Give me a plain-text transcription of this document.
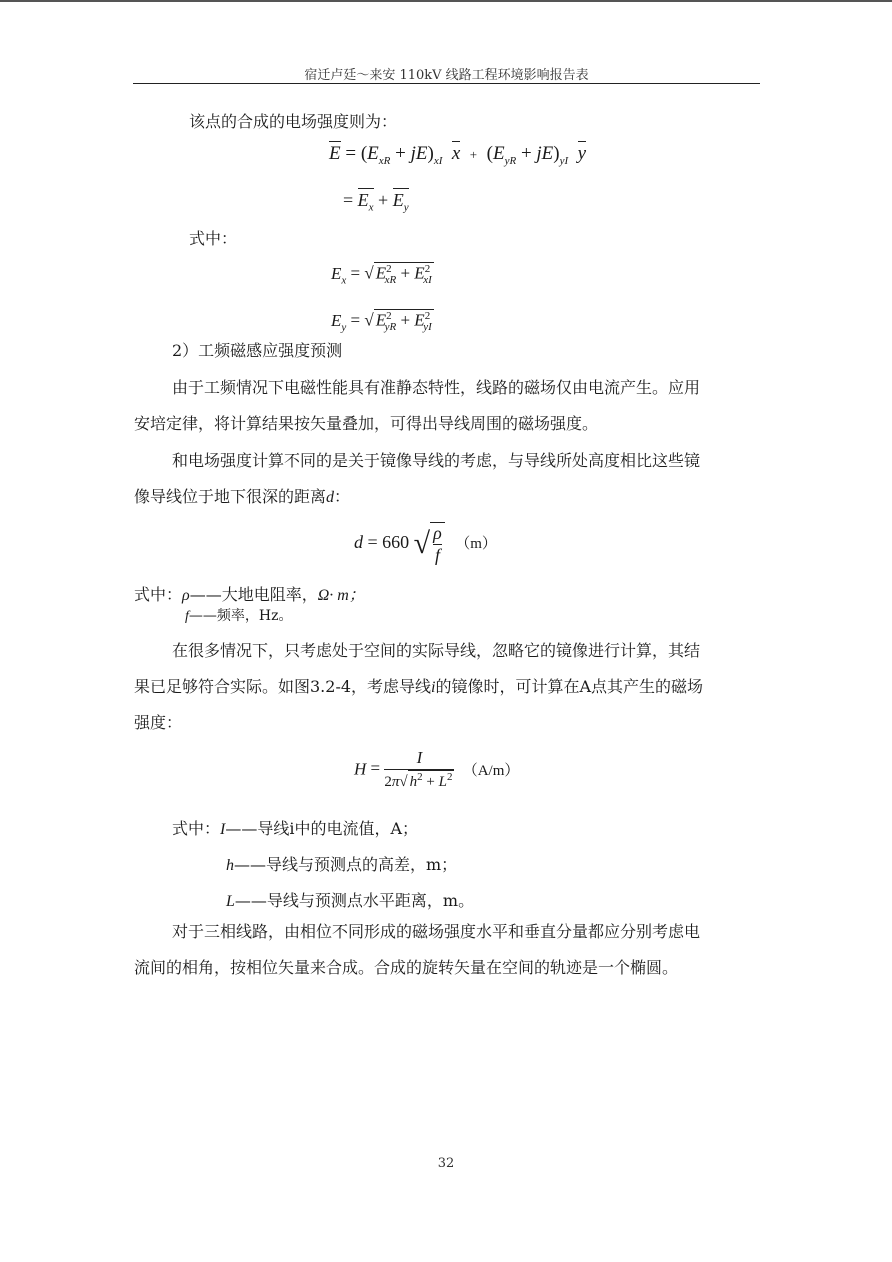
宿迁卢廷～来安 110kV 线路工程环境影响报告表
该点的合成的电场强度则为：
$E = (E_{xR} + jE)_{xI}$ $x + (E_{yR} + jE)_{yI}$ y
= $E_x + E_y$
式中：
$E_x$ = √ $E^2_{xR} + E^2_{xI}$
$E_y$ = √ $E^2_{yR} + E^2_{yI}$
2）工频磁感应强度预测
由于工频情况下电磁性能具有准静态特性，线路的磁场仅由电流产生。应用
安培定律，将计算结果按矢量叠加，可得出导线周围的磁场强度。
和电场强度计算不同的是关于镜像导线的考虑，与导线所处高度相比这些镜
像导线位于地下很深的距离d：
d = 660 √ $\frac{\rho}{f} (m)$
式中：ρ——大地电阻率，Ω· m；
f——频率，Hz。
在很多情况下，只考虑处于空间的实际导线，忽略它的镜像进行计算，其结
果已足够符合实际。如图3.2-4，考虑导线i的镜像时，可计算在A点其产生的磁场
强度：
$H = \frac{I}{2\pi√ h^2 + L^2} (A/m)$
式中：I——导线i中的电流值，A；
h——导线与预测点的高差，m；
L——导线与预测点水平距离，m。
对于三相线路，由相位不同形成的磁场强度水平和垂直分量都应分别考虑电
流间的相角，按相位矢量来合成。合成的旋转矢量在空间的轨迹是一个椭圆。
32
